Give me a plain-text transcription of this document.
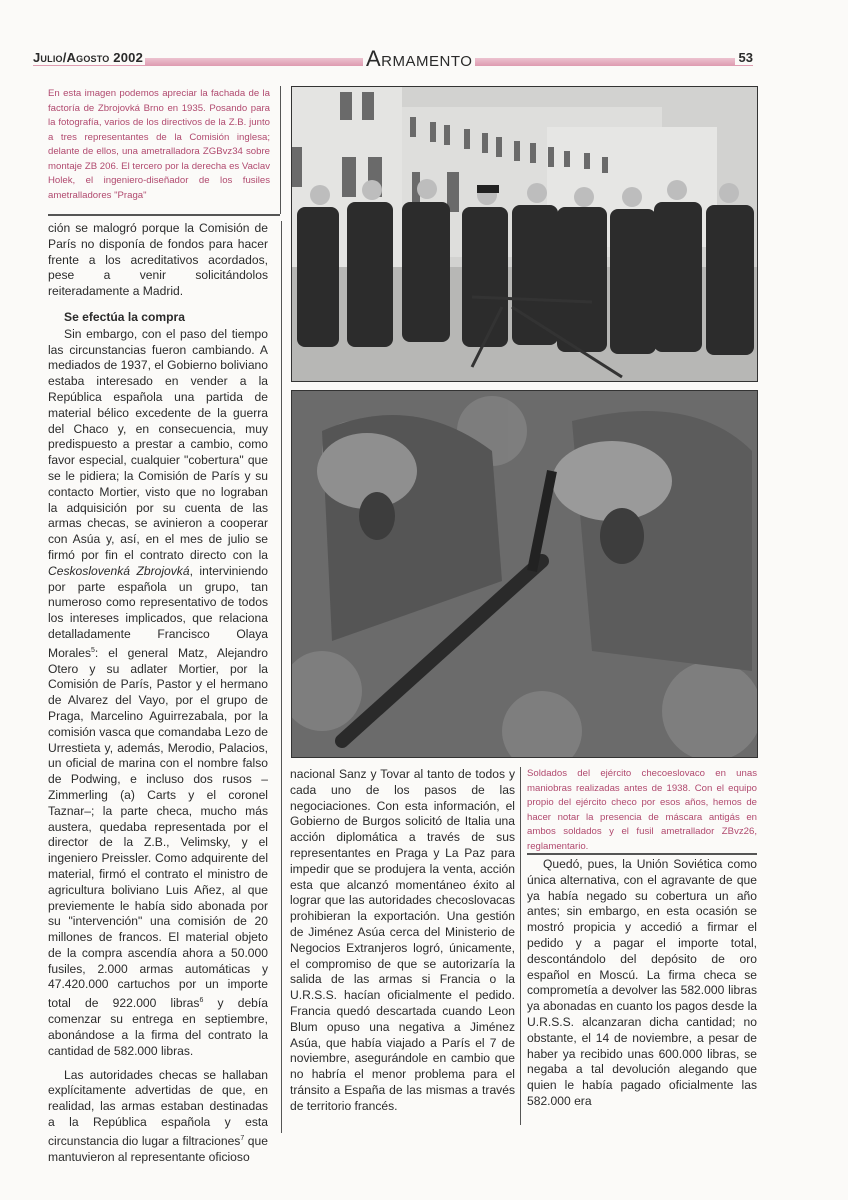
Julio/Agosto 2002	Armamento	53

En esta imagen podemos apreciar la fachada de la factoría de Zbrojovká Brno en 1935. Posando para la fotografía, varios de los directivos de la Z.B. junto a tres representantes de la Comisión inglesa; delante de ellos, una ametralladora ZGBvz34 sobre montaje ZB 206. El tercero por la derecha es Vaclav Holek, el ingeniero-diseñador de los fusiles ametralladores "Praga"

ción se malogró porque la Comisión de París no disponía de fondos para hacer frente a los acreditativos acordados, pese a venir solicitándolos reiteradamente a Madrid.

Se efectúa la compra

Sin embargo, con el paso del tiempo las circunstancias fueron cambiando. A mediados de 1937, el Gobierno boliviano estaba interesado en vender a la República española una partida de material bélico excedente de la guerra del Chaco y, en consecuencia, muy predispuesto a prestar a cambio, como favor especial, cualquier "cobertura" que se le pidiera; la Comisión de París y su contacto Mortier, visto que no lograban la adquisición por su cuenta de las armas checas, se avinieron a cooperar con Asúa y, así, en el mes de julio se firmó por fin el contrato directo con la Ceskoslovenká Zbrojovká, interviniendo por parte española un grupo, tan numeroso como representativo de todos los intereses implicados, que relaciona detalladamente Francisco Olaya Morales$^5$: el general Matz, Alejandro Otero y su adlater Mortier, por la Comisión de París, Pastor y el hermano de Alvarez del Vayo, por el grupo de Praga, Marcelino Aguirrezabala, por la comisión vasca que comandaba Lezo de Urrestieta y, además, Merodio, Palacios, un oficial de marina con el nombre falso de Podwing, e incluso dos rusos –Zimmerling (a) Carts y el coronel Taznar–; la parte checa, mucho más austera, quedaba representada por el director de la Z.B., Velimsky, y el ingeniero Preissler. Como adquirente del material, firmó el contrato el ministro de agricultura boliviano Luis Añez, al que previemente le había sido abonada por su "intervención" una comisión de 20 millones de francos. El material objeto de la compra ascendía ahora a 50.000 fusiles, 2.000 armas automáticas y 47.420.000 cartuchos por un importe total de 922.000 libras$^6$ y debía comenzar su entrega en septiembre, abonándose a la firma del contrato la cantidad de 582.000 libras.

Las autoridades checas se hallaban explícitamente advertidas de que, en realidad, las armas estaban destinadas a la República española y esta circunstancia dio lugar a filtraciones$^7$ que mantuvieron al representante oficioso

nacional Sanz y Tovar al tanto de todos y cada uno de los pasos de las negociaciones. Con esta información, el Gobierno de Burgos solicitó de Italia una acción diplomática a través de sus representantes en Praga y La Paz para impedir que se produjera la venta, acción esta que alcanzó momentáneo éxito al lograr que las autoridades checoslovacas prohibieran la exportación. Una gestión de Jiménez Asúa cerca del Ministerio de Negocios Extranjeros logró, únicamente, el compromiso de que se autorizaría la salida de las armas si Francia o la U.R.S.S. hacían oficialmente el pedido. Francia quedó descartada cuando Leon Blum opuso una negativa a Jiménez Asúa, que había viajado a París el 7 de noviembre, asegurándole en cambio que no habría el menor problema para el tránsito a España de las mismas a través de territorio francés.

Soldados del ejército checoeslovaco en unas maniobras realizadas antes de 1938. Con el equipo propio del ejército checo por esos años, hemos de hacer notar la presencia de máscara antigás en ambos soldados y el fusil ametrallador ZBvz26, reglamentario.

Quedó, pues, la Unión Soviética como única alternativa, con el agravante de que ya había negado su cobertura un año antes; sin embargo, en esta ocasión se mostró propicia y accedió a firmar el pedido y a pagar el importe total, descontándolo del depósito de oro español en Moscú. La firma checa se comprometía a devolver las 582.000 libras ya abonadas en cuanto los pagos desde la U.R.S.S. alcanzaran dicha cantidad; no obstante, el 14 de noviembre, a pesar de haber ya recibido unas 600.000 libras, se negaba a tal devolución alegando que quien le había pagado oficialmente las 582.000 era
